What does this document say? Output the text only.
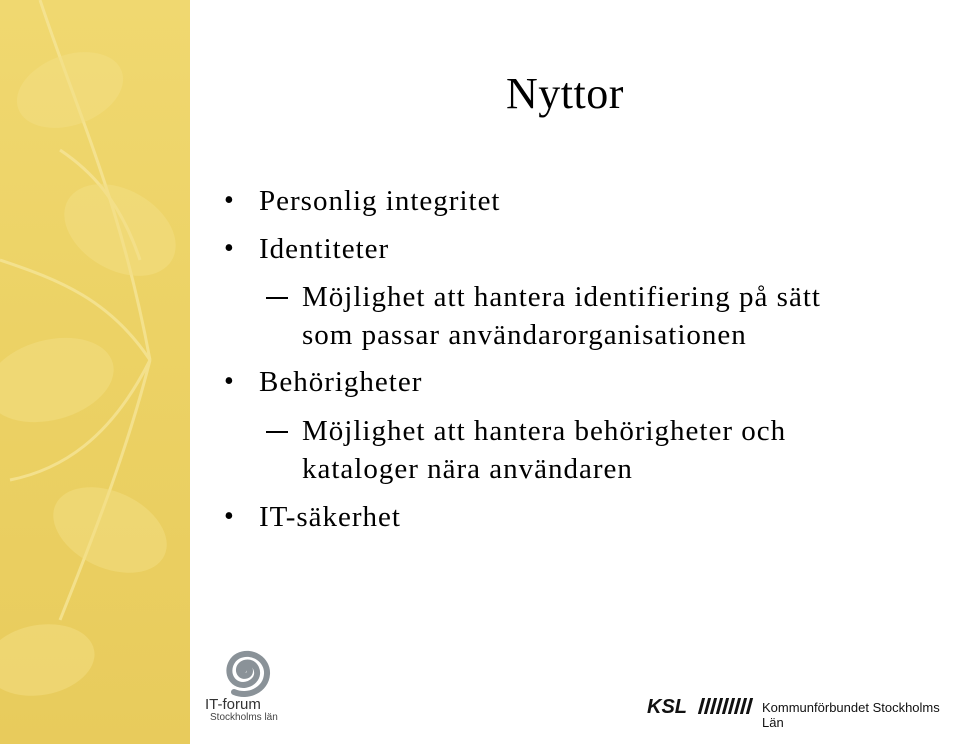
Nyttor
• Personlig integritet
• Identiteter
Möjlighet att hantera identifiering på sätt
som passar användarorganisationen
• Behörigheter
Möjlighet att hantera behörigheter och
kataloger nära användaren
• IT-säkerhet
IT-forum
Stockholms län	KSL	Kommunförbundet Stockholms Län
